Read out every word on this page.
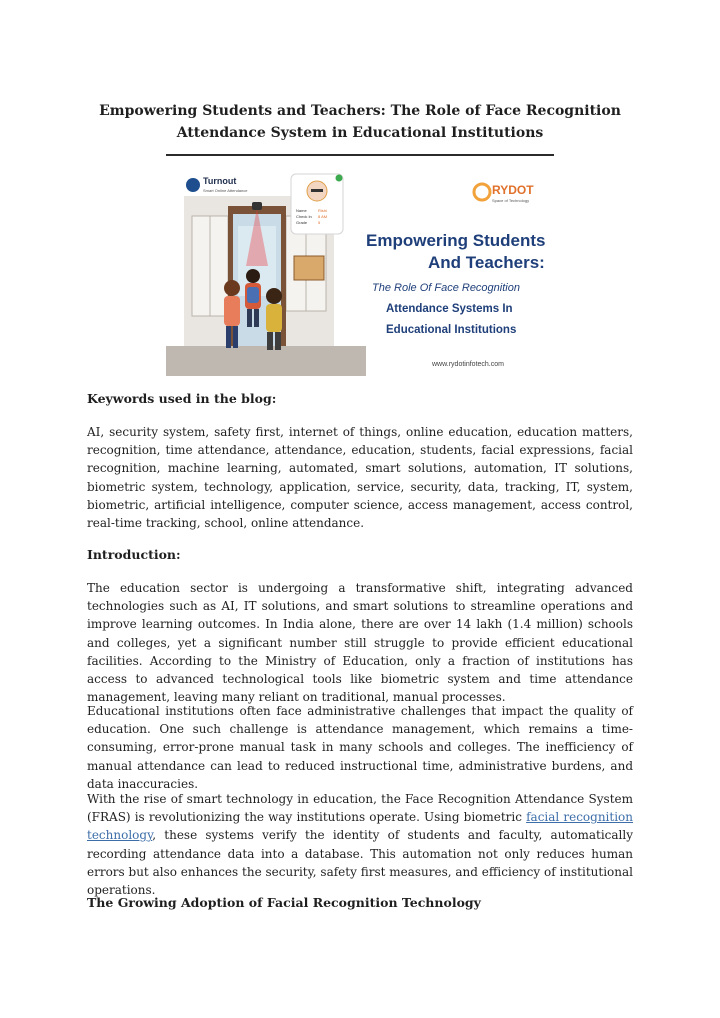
Empowering Students and Teachers: The Role of Face Recognition Attendance System in Educational Institutions
Turnout
Smart Online Attendance
Name
Check In
Grade
Rishi
8 AM
5
RYDOT
Space of Technology
Empowering Students
And Teachers:
The Role Of Face Recognition
Attendance Systems In
Educational Institutions
www.rydotinfotech.com
Keywords used in the blog:
AI, security system, safety first, internet of things, online education, education matters, recognition, time attendance, attendance, education, students, facial expressions, facial recognition, machine learning, automated, smart solutions, automation, IT solutions, biometric system, technology, application, service, security, data, tracking, IT, system, biometric, artificial intelligence, computer science, access management, access control, real-time tracking, school, online attendance.
Introduction:
The education sector is undergoing a transformative shift, integrating advanced technologies such as AI, IT solutions, and smart solutions to streamline operations and improve learning outcomes. In India alone, there are over 14 lakh (1.4 million) schools and colleges, yet a significant number still struggle to provide efficient educational facilities. According to the Ministry of Education, only a fraction of institutions has access to advanced technological tools like biometric system and time attendance management, leaving many reliant on traditional, manual processes.
Educational institutions often face administrative challenges that impact the quality of education. One such challenge is attendance management, which remains a time-consuming, error-prone manual task in many schools and colleges. The inefficiency of manual attendance can lead to reduced instructional time, administrative burdens, and data inaccuracies.
With the rise of smart technology in education, the Face Recognition Attendance System (FRAS) is revolutionizing the way institutions operate. Using biometric facial recognition technology, these systems verify the identity of students and faculty, automatically recording attendance data into a database. This automation not only reduces human errors but also enhances the security, safety first measures, and efficiency of institutional operations.
The Growing Adoption of Facial Recognition Technology
